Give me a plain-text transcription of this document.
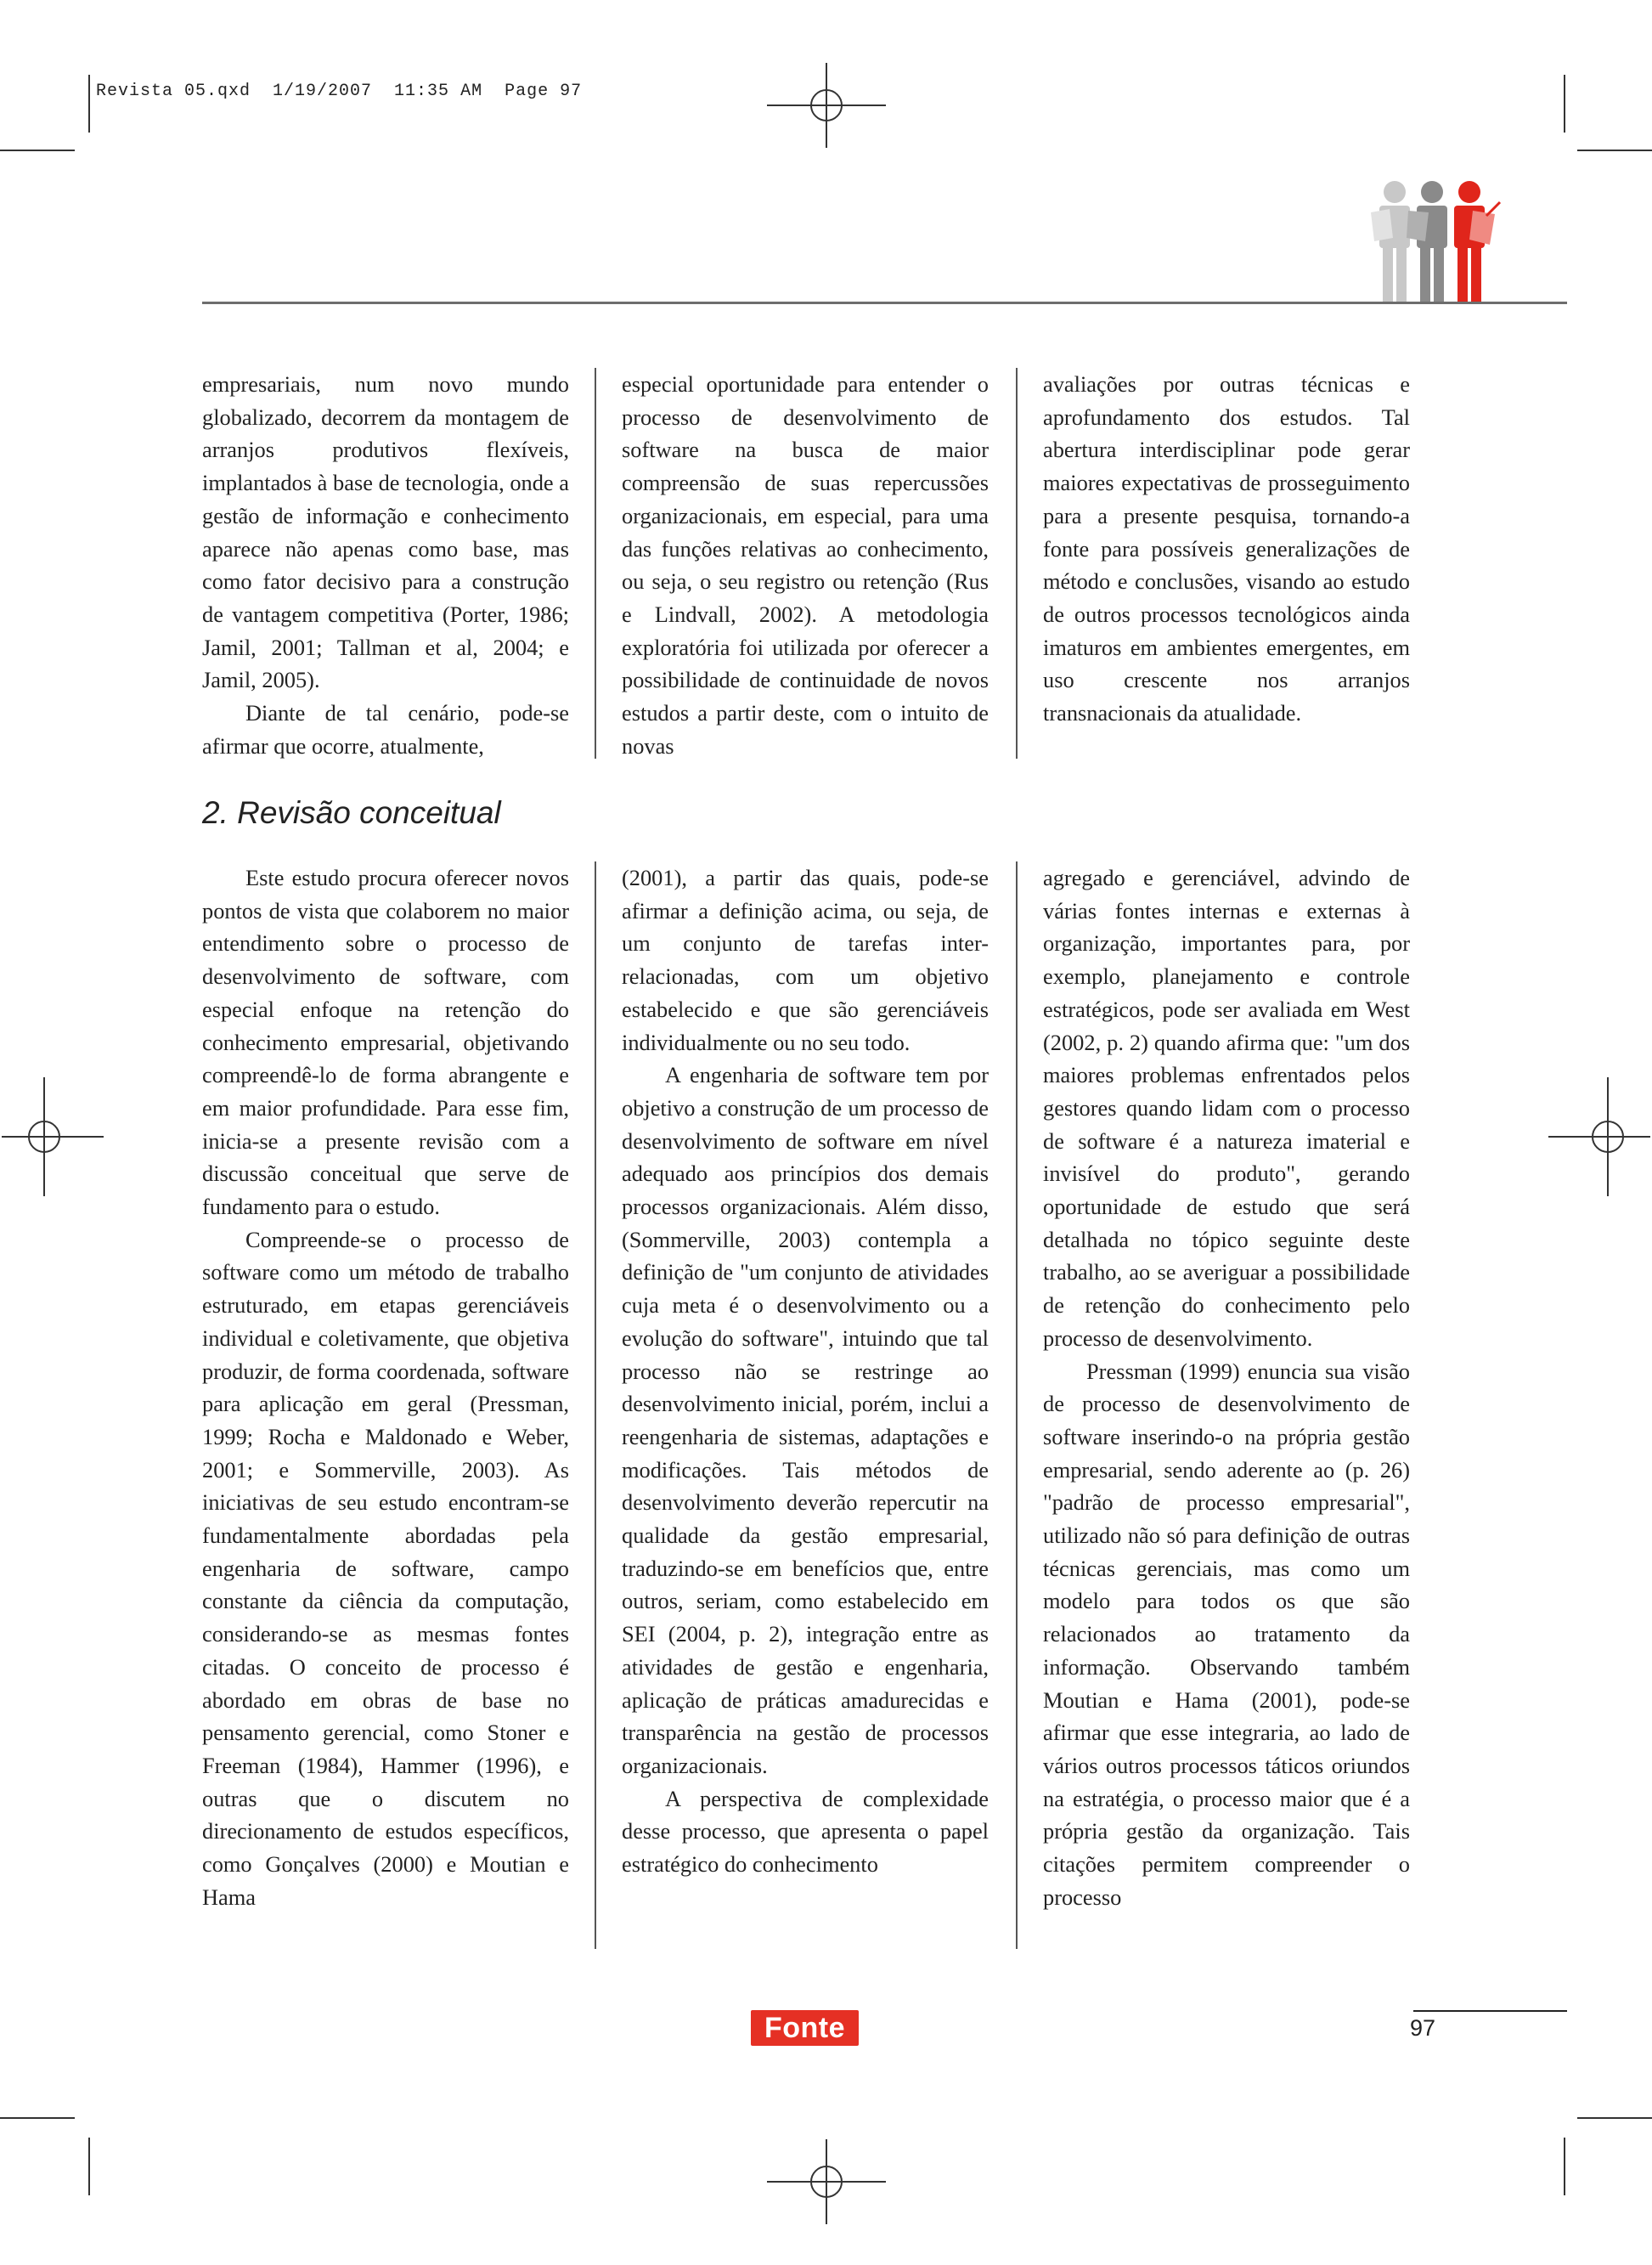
Revista 05.qxd  1/19/2007  11:35 AM  Page 97

empresariais, num novo mundo globalizado, decorrem da montagem de arranjos produtivos flexíveis, implantados à base de tecnologia, onde a gestão de informação e conhecimento aparece não apenas como base, mas como fator decisivo para a construção de vantagem competitiva (Porter, 1986; Jamil, 2001; Tallman et al, 2004; e Jamil, 2005).

Diante de tal cenário, pode-se afirmar que ocorre, atualmente,

especial oportunidade para entender o processo de desenvolvimento de software na busca de maior compreensão de suas repercussões organizacionais, em especial, para uma das funções relativas ao conhecimento, ou seja, o seu registro ou retenção (Rus e Lindvall, 2002). A metodologia exploratória foi utilizada por oferecer a possibilidade de continuidade de novos estudos a partir deste, com o intuito de novas

avaliações por outras técnicas e aprofundamento dos estudos. Tal abertura interdisciplinar pode gerar maiores expectativas de prosseguimento para a presente pesquisa, tornando-a fonte para possíveis generalizações de método e conclusões, visando ao estudo de outros processos tecnológicos ainda imaturos em ambientes emergentes, em uso crescente nos arranjos transnacionais da atualidade.

2. Revisão conceitual

Este estudo procura oferecer novos pontos de vista que colaborem no maior entendimento sobre o processo de desenvolvimento de software, com especial enfoque na retenção do conhecimento empresarial, objetivando compreendê-lo de forma abrangente e em maior profundidade. Para esse fim, inicia-se a presente revisão com a discussão conceitual que serve de fundamento para o estudo.

Compreende-se o processo de software como um método de trabalho estruturado, em etapas gerenciáveis individual e coletivamente, que objetiva produzir, de forma coordenada, software para aplicação em geral (Pressman, 1999; Rocha e Maldonado e Weber, 2001; e Sommerville, 2003). As iniciativas de seu estudo encontram-se fundamentalmente abordadas pela engenharia de software, campo constante da ciência da computação, considerando-se as mesmas fontes citadas. O conceito de processo é abordado em obras de base no pensamento gerencial, como Stoner e Freeman (1984), Hammer (1996), e outras que o discutem no direcionamento de estudos específicos, como Gonçalves (2000) e Moutian e Hama

(2001), a partir das quais, pode-se afirmar a definição acima, ou seja, de um conjunto de tarefas inter-relacionadas, com um objetivo estabelecido e que são gerenciáveis individualmente ou no seu todo.

A engenharia de software tem por objetivo a construção de um processo de desenvolvimento de software em nível adequado aos princípios dos demais processos organizacionais. Além disso, (Sommerville, 2003) contempla a definição de "um conjunto de atividades cuja meta é o desenvolvimento ou a evolução do software", intuindo que tal processo não se restringe ao desenvolvimento inicial, porém, inclui a reengenharia de sistemas, adaptações e modificações. Tais métodos de desenvolvimento deverão repercutir na qualidade da gestão empresarial, traduzindo-se em benefícios que, entre outros, seriam, como estabelecido em SEI (2004, p. 2), integração entre as atividades de gestão e engenharia, aplicação de práticas amadurecidas e transparência na gestão de processos organizacionais.

A perspectiva de complexidade desse processo, que apresenta o papel estratégico do conhecimento

agregado e gerenciável, advindo de várias fontes internas e externas à organização, importantes para, por exemplo, planejamento e controle estratégicos, pode ser avaliada em West (2002, p. 2) quando afirma que: "um dos maiores problemas enfrentados pelos gestores quando lidam com o processo de software é a natureza imaterial e invisível do produto", gerando oportunidade de estudo que será detalhada no tópico seguinte deste trabalho, ao se averiguar a possibilidade de retenção do conhecimento pelo processo de desenvolvimento.

Pressman (1999) enuncia sua visão de processo de desenvolvimento de software inserindo-o na própria gestão empresarial, sendo aderente ao (p. 26) "padrão de processo empresarial", utilizado não só para definição de outras técnicas gerenciais, mas como um modelo para todos os que são relacionados ao tratamento da informação. Observando também Moutian e Hama (2001), pode-se afirmar que esse integraria, ao lado de vários outros processos táticos oriundos na estratégia, o processo maior que é a própria gestão da organização. Tais citações permitem compreender o processo

Fonte	97
